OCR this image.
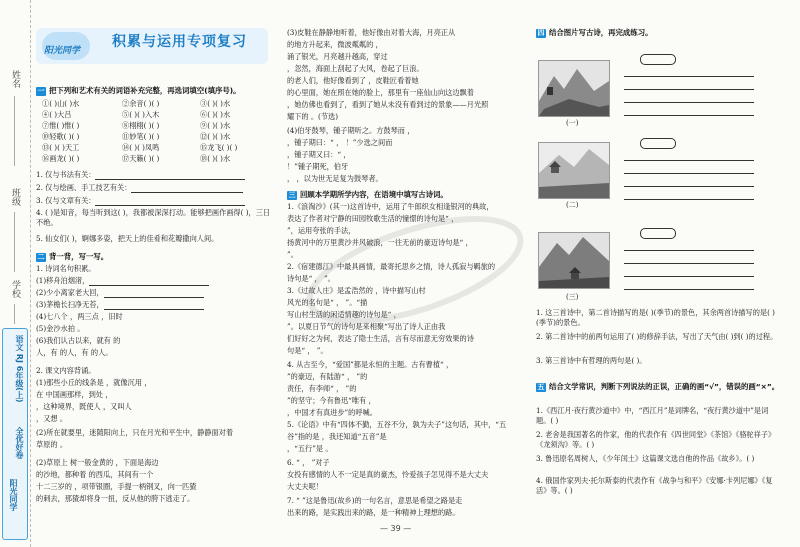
姓名
班级
学校
阳光同学
全优好卷
语文 RJ 6年级(上)
阳光同学
积累与运用专项复习
一 把下列和艺术有关的词语补充完整，再选词填空(填序号)。
①( )山( )水	②余音( )( )	③( )( )水
④( )大吕	⑤( )( )入木	⑥( )( )水
⑦惟( )惟( )	⑧栩栩( )( )	⑨( )( )水
⑩轻歌( )( )	⑪妙笔( )( )	⑫( )( )水
⑬( )( )天工	⑭( )( )凤鸣	⑮龙飞( )( )
⑯画龙( )( )	⑰天籁( )( )	⑱( )( )水
1. 仅与书法有关：
2. 仅与绘画、手工技艺有关：
3. 仅与文章有关：
4. ( )是知音，每当听到这( )，我都被深深打动。能够把画作画得( )，三日不绝。
5. 仙女们( )，婀娜多姿，把天上的佳肴和花瓣撒向人间。
二 背一背，写一写。
1. 诗词名句积累。
(1)移舟泊烟渚，
(2)少小离家老大回，
(3)茅檐长扫净无苔，
(4)七八个 ，两三点 ，旧时
(5)金沙水拍 。
(6)我们认古以来，就有 的
人，有 的人，有 的人。
2. 课文内容背诵。
(1)那些小丘的线条是 ，就像沉用 ，
在 中国画那样，到处 ，
，这种境界，既使人 ，又叫人
，又想 。
(2)所在就要里，迷随阳向上，只在月光和平生中，静静面对着
草原的 。
(2)草原上 树一般金黄的 ，下面是海边
的沙地，都种着 的西瓜，其间有一个
十二三岁的 ，项带银圈，手提一柄钢叉，向一匹猹
的刺去，那猹却将身一扭，反从他的胯下逃走了。
(3)皮鞋在静静地听着，他好像由对着大海，月亮正从
的地方升起来，微波粼粼的 ，
涌了银光，月亮越升越高，穿过
，忽然，海面上刮起了大风，卷起了巨浪。
的老人们，他好像看到了 ，皮鞋匠看着她
的心里面，她在照在她的脸上，那里有一座仙山向这边飘着
，她仿佛也看到了，看到了她从未没有看到过的景象——月光照
耀下的 。(节选)
(4)伯牙鼓琴，锺子期听之。方鼓琴而 ，
，锺子期曰：“ ， ！”少选之间而
，锺子期又曰：“ ，
！”锺子期死，伯牙
， ，以为世无足复为鼓琴者。
三 回顾本学期所学内容，在语境中填写古诗词。
1.《浪淘沙》(其一)这首诗中，运用了牛郎织女相逢银河的典故，
表达了作者对宁静的田园牧歌生活的憧憬的诗句是“ ，
”，运用夸张的手法，
扬黄河中的万里黄沙并风破浪，一往无前的豪迈诗句是“ ，
”。
2.《宿建德江》中最具画情，最寄托思乡之情，诗人孤寂与羁旅的
诗句是“ ， ”。
3.《过故人庄》是孟浩然的 ，诗中描写山村
风光的名句是“ ， ”。“描
写山村生活的闲适情趣的诗句是“ ，
”。以夏日节气的诗句是来相聚“写出了诗人正由我
们好好之为何，表达了隐士生活，言有尽而意无穷效果的诗
句是“ ， ”。
4. 从古至今，“爱国”都是永恒的主题。古有曹植“ ，
”的豪迈，有陆游“ ， ”的
责任，有李师“ ， ”的
”的坚守；今有鲁迅“唯有 ，
，中国才有真进步”的呼喊。
5.《论语》中有“四体不勤，五谷不分，孰为夫子”这句话，其中，“五
谷”指的是 ，我还知道“五音”是
，“五行”是 。
6. “ ， ”对子
女投有感情的人不一定是真的豪杰，怜爱孩子怎见得不是大丈夫
大丈夫呢！
7. “ ”这是鲁迅(故乡)的一句名言，意思是希望之路是走
出来的路，是实践出来的路，是一种精神上理想的路。
四 结合图片写古诗，再完成练习。
(一)
(二)
(三)
1. 这三首诗中，第二首诗描写的是( )(季节)的景色，其余两首诗描写的是( )(季节)的景色。
2. 第二首诗中的前两句运用了( )的修辞手法，写出了天气由( )到( )的过程。
3. 第三首诗中有哲理的两句是( )。
五 结合文学常识，判断下列说法的正误，正确的画“√”，错误的画“×”。
1.《西江月·夜行黄沙道中》中，“西江月”是词牌名，“夜行黄沙道中”是词题。( )
2. 老舍是我国著名的作家，他的代表作有《四世同堂》《茶馆》《骆驼祥子》《龙须沟》等。( )
3. 鲁迅原名周树人，《少年闰土》这篇课文选自他的作品《故乡》。( )
4. 俄国作家列夫·托尔斯泰的代表作有《战争与和平》《安娜·卡列尼娜》《复活》等。( )
— 39 —
